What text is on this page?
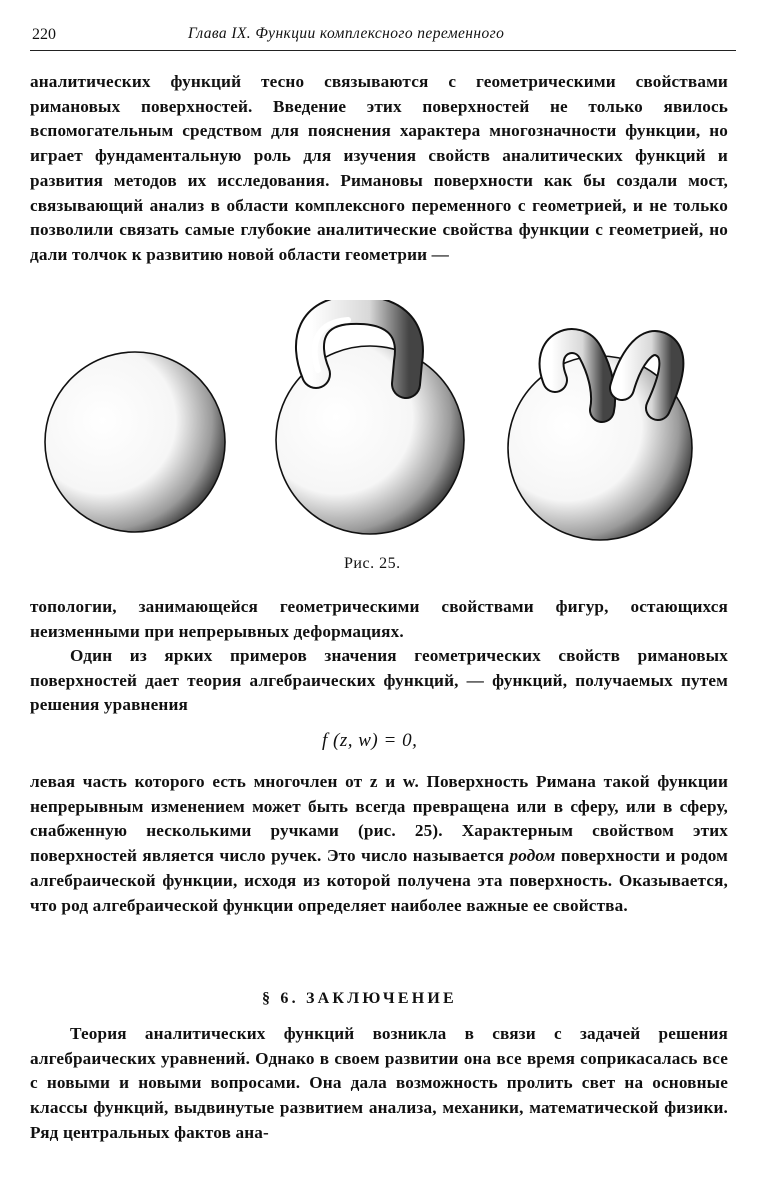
220	Глава IX. Функции комплексного переменного
аналитических функций тесно связываются с геометрическими свойствами римановых поверхностей. Введение этих поверхностей не только явилось вспомогательным средством для пояснения характера многозначности функции, но играет фундаментальную роль для изучения свойств аналитических функций и развития методов их исследования. Римановы поверхности как бы создали мост, связывающий анализ в области комплексного переменного с геометрией, и не только позволили связать самые глубокие аналитические свойства функции с геометрией, но дали толчок к развитию новой области геометрии —
Рис. 25.
топологии, занимающейся геометрическими свойствами фигур, остающихся неизменными при непрерывных деформациях.
Один из ярких примеров значения геометрических свойств римановых поверхностей дает теория алгебраических функций, — функций, получаемых путем решения уравнения
f (z, w) = 0,
левая часть которого есть многочлен от z и w. Поверхность Римана такой функции непрерывным изменением может быть всегда превращена или в сферу, или в сферу, снабженную несколькими ручками (рис. 25). Характерным свойством этих поверхностей является число ручек. Это число называется родом поверхности и родом алгебраической функции, исходя из которой получена эта поверхность. Оказывается, что род алгебраической функции определяет наиболее важные ее свойства.
§ 6. ЗАКЛЮЧЕНИЕ
Теория аналитических функций возникла в связи с задачей решения алгебраических уравнений. Однако в своем развитии она все время соприкасалась все с новыми и новыми вопросами. Она дала возможность пролить свет на основные классы функций, выдвинутые развитием анализа, механики, математической физики. Ряд центральных фактов ана-
